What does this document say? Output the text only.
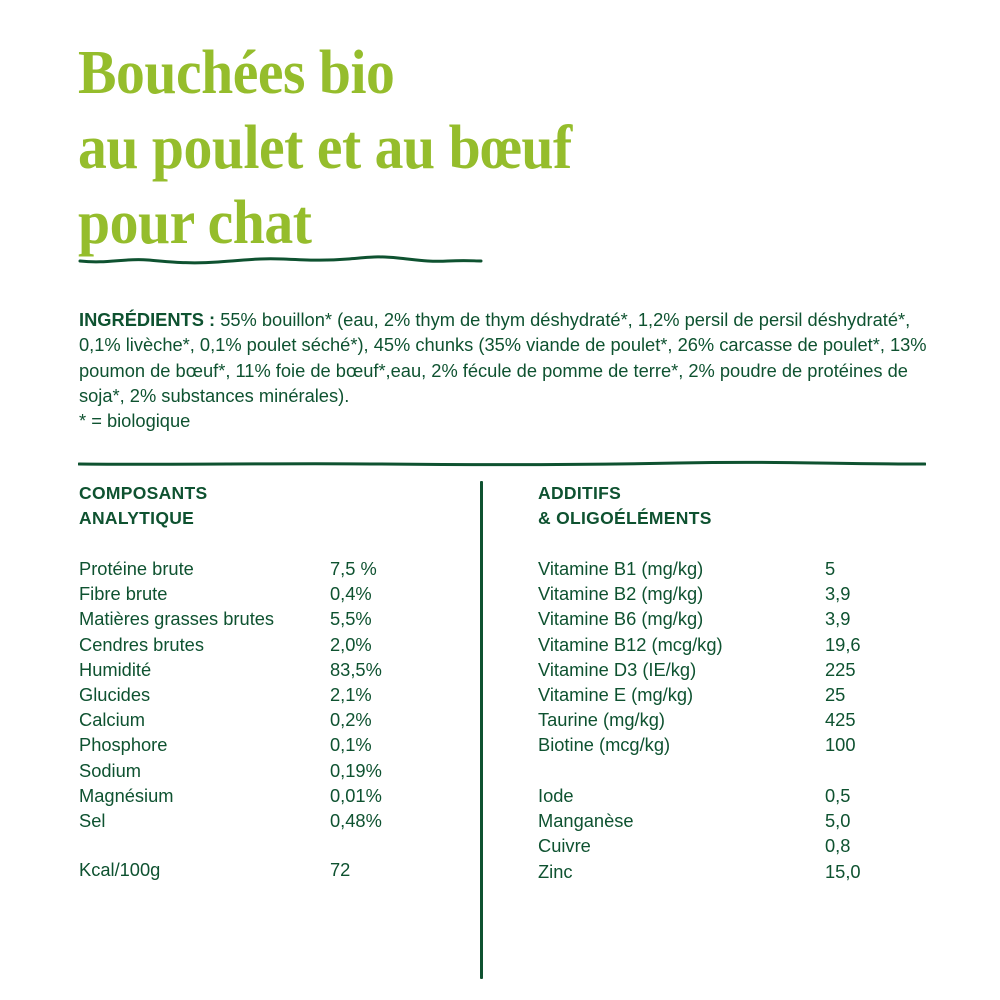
Bouchées bio
au poulet et au bœuf
pour chat

INGRÉDIENTS : 55% bouillon* (eau, 2% thym de thym déshydraté*, 1,2% persil de persil déshydraté*, 0,1% livèche*, 0,1% poulet séché*), 45% chunks (35% viande de poulet*, 26% carcasse de poulet*, 13% poumon de bœuf*, 11% foie de bœuf*,eau, 2% fécule de pomme de terre*, 2% poudre de protéines de soja*, 2% substances minérales).
* = biologique

COMPOSANTS
ANALYTIQUE
Protéine brute	7,5 %
Fibre brute	0,4%
Matières grasses brutes	5,5%
Cendres brutes	2,0%
Humidité	83,5%
Glucides	2,1%
Calcium	0,2%
Phosphore	0,1%
Sodium	0,19%
Magnésium	0,01%
Sel	0,48%
Kcal/100g	72
ADDITIFS
& OLIGOÉLÉMENTS
Vitamine B1 (mg/kg)	5
Vitamine B2 (mg/kg)	3,9
Vitamine B6 (mg/kg)	3,9
Vitamine B12 (mcg/kg)	19,6
Vitamine D3 (IE/kg)	225
Vitamine E (mg/kg)	25
Taurine (mg/kg)	425
Biotine (mcg/kg)	100
Iode	0,5
Manganèse	5,0
Cuivre	0,8
Zinc	15,0
